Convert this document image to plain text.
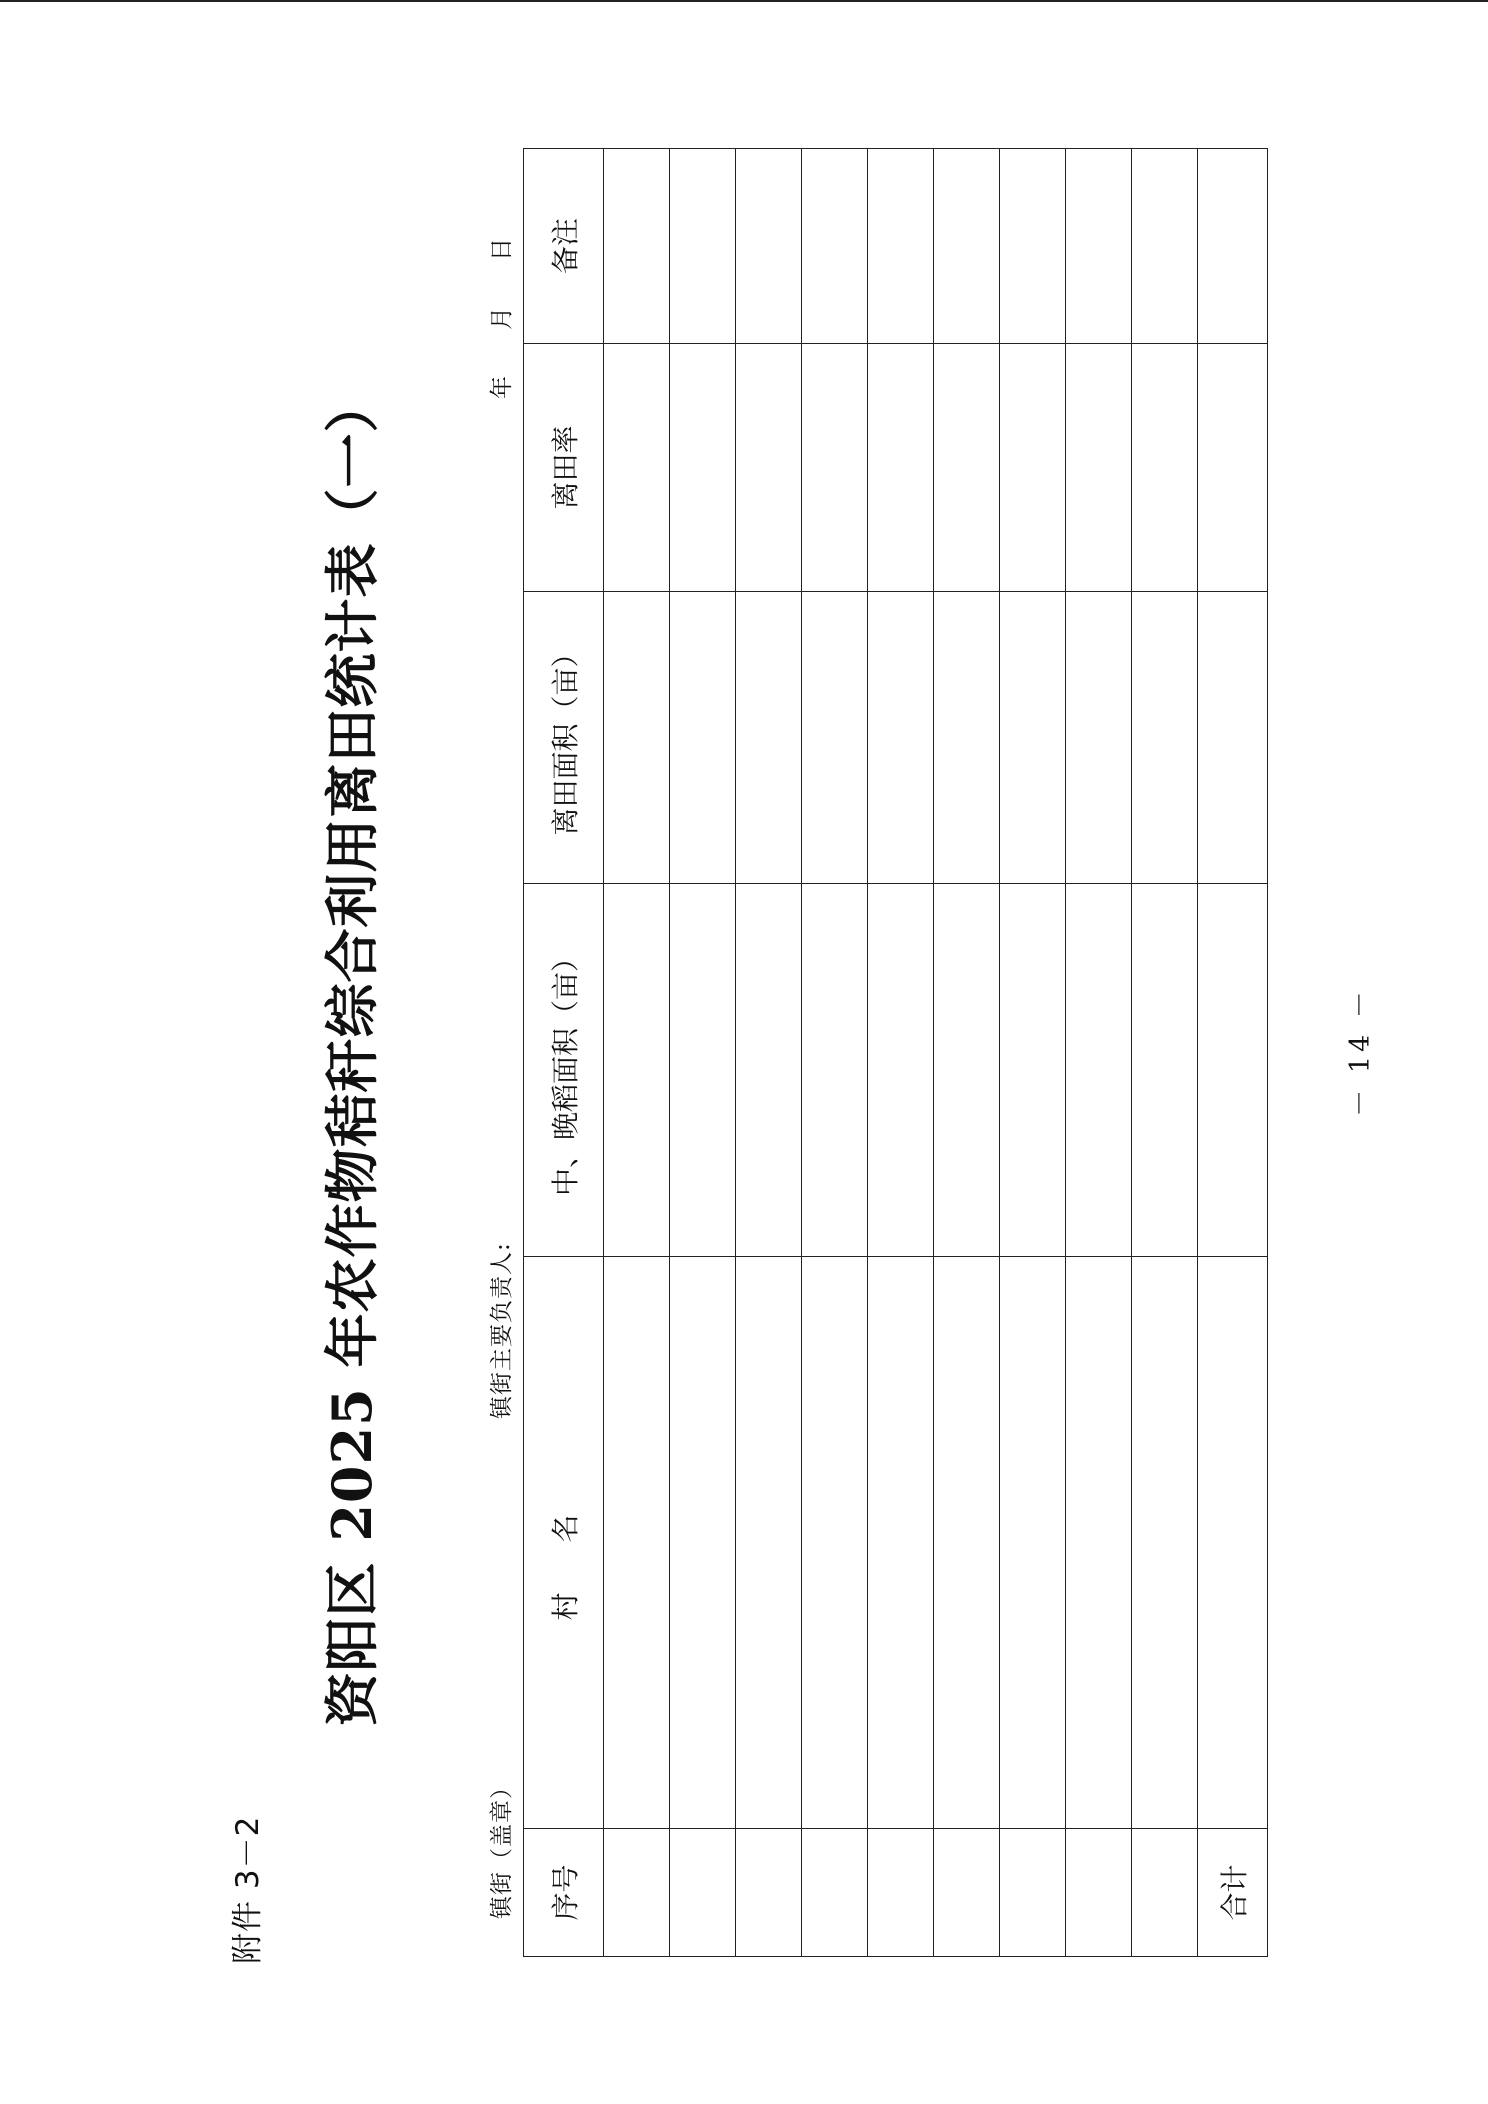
附件 3－2
资阳区 2025 年农作物秸秆综合利用离田统计表（一）
镇街（盖章）
镇街主要负责人:
年月日
序号	村名	中、晚稻面积（亩）	离田面积（亩）	离田率	备注

合计					
－ 14 －
